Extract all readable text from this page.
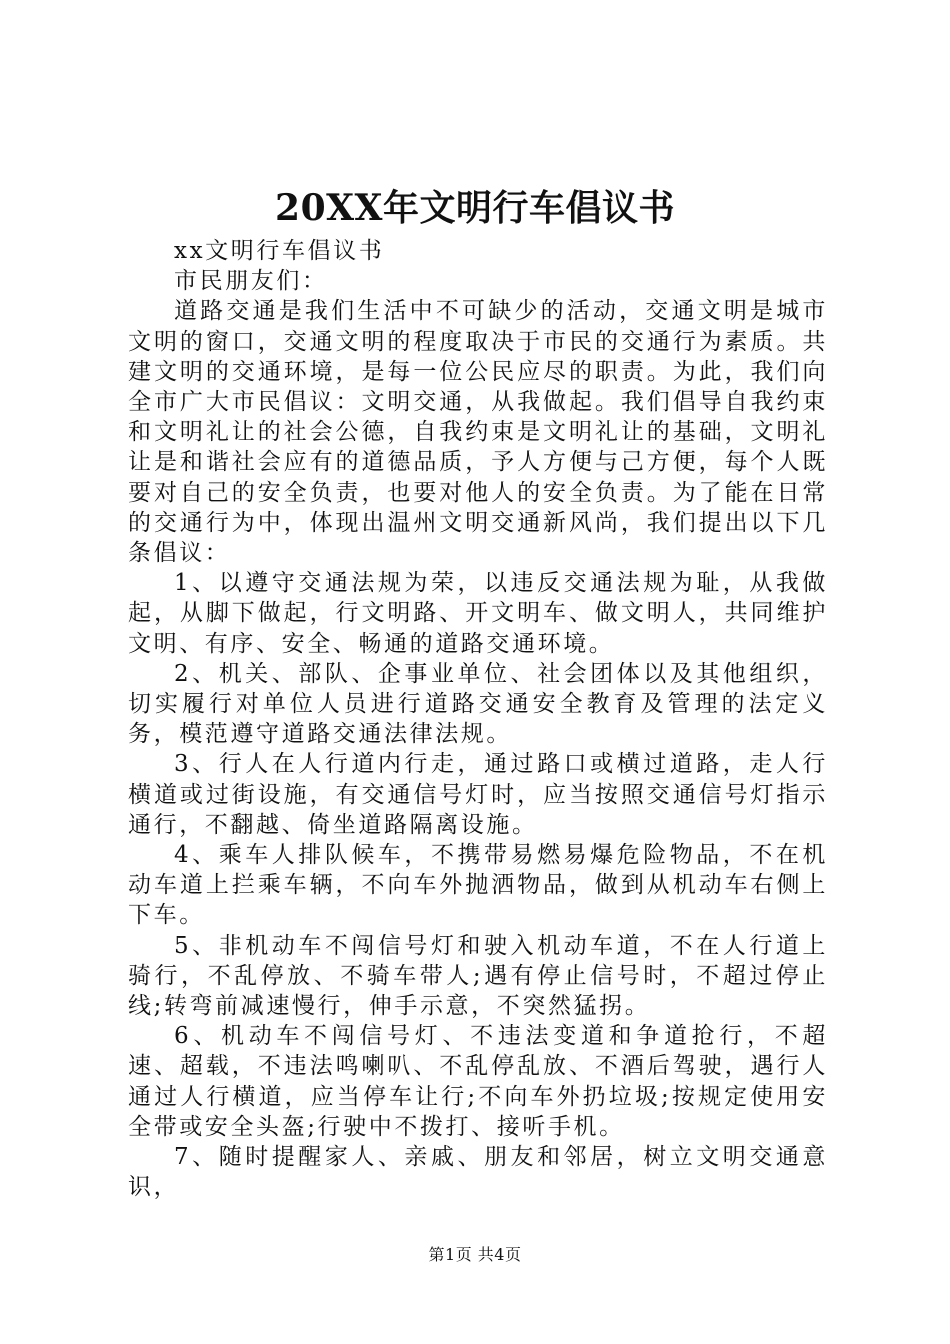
20XX年文明行车倡议书

xx文明行车倡议书

市民朋友们：

道路交通是我们生活中不可缺少的活动，交通文明是城市文明的窗口，交通文明的程度取决于市民的交通行为素质。共建文明的交通环境，是每一位公民应尽的职责。为此，我们向全市广大市民倡议：文明交通，从我做起。我们倡导自我约束和文明礼让的社会公德，自我约束是文明礼让的基础，文明礼让是和谐社会应有的道德品质，予人方便与己方便，每个人既要对自己的安全负责，也要对他人的安全负责。为了能在日常的交通行为中，体现出温州文明交通新风尚，我们提出以下几条倡议：

1、以遵守交通法规为荣，以违反交通法规为耻，从我做起，从脚下做起，行文明路、开文明车、做文明人，共同维护文明、有序、安全、畅通的道路交通环境。

2、机关、部队、企事业单位、社会团体以及其他组织，切实履行对单位人员进行道路交通安全教育及管理的法定义务，模范遵守道路交通法律法规。

3、行人在人行道内行走，通过路口或横过道路，走人行横道或过街设施，有交通信号灯时，应当按照交通信号灯指示通行，不翻越、倚坐道路隔离设施。

4、乘车人排队候车，不携带易燃易爆危险物品，不在机动车道上拦乘车辆，不向车外抛洒物品，做到从机动车右侧上下车。

5、非机动车不闯信号灯和驶入机动车道，不在人行道上骑行，不乱停放、不骑车带人;遇有停止信号时，不超过停止线;转弯前减速慢行，伸手示意，不突然猛拐。

6、机动车不闯信号灯、不违法变道和争道抢行，不超速、超载，不违法鸣喇叭、不乱停乱放、不酒后驾驶，遇行人通过人行横道，应当停车让行;不向车外扔垃圾;按规定使用安全带或安全头盔;行驶中不拨打、接听手机。

7、随时提醒家人、亲戚、朋友和邻居，树立文明交通意识，

第1页 共4页
